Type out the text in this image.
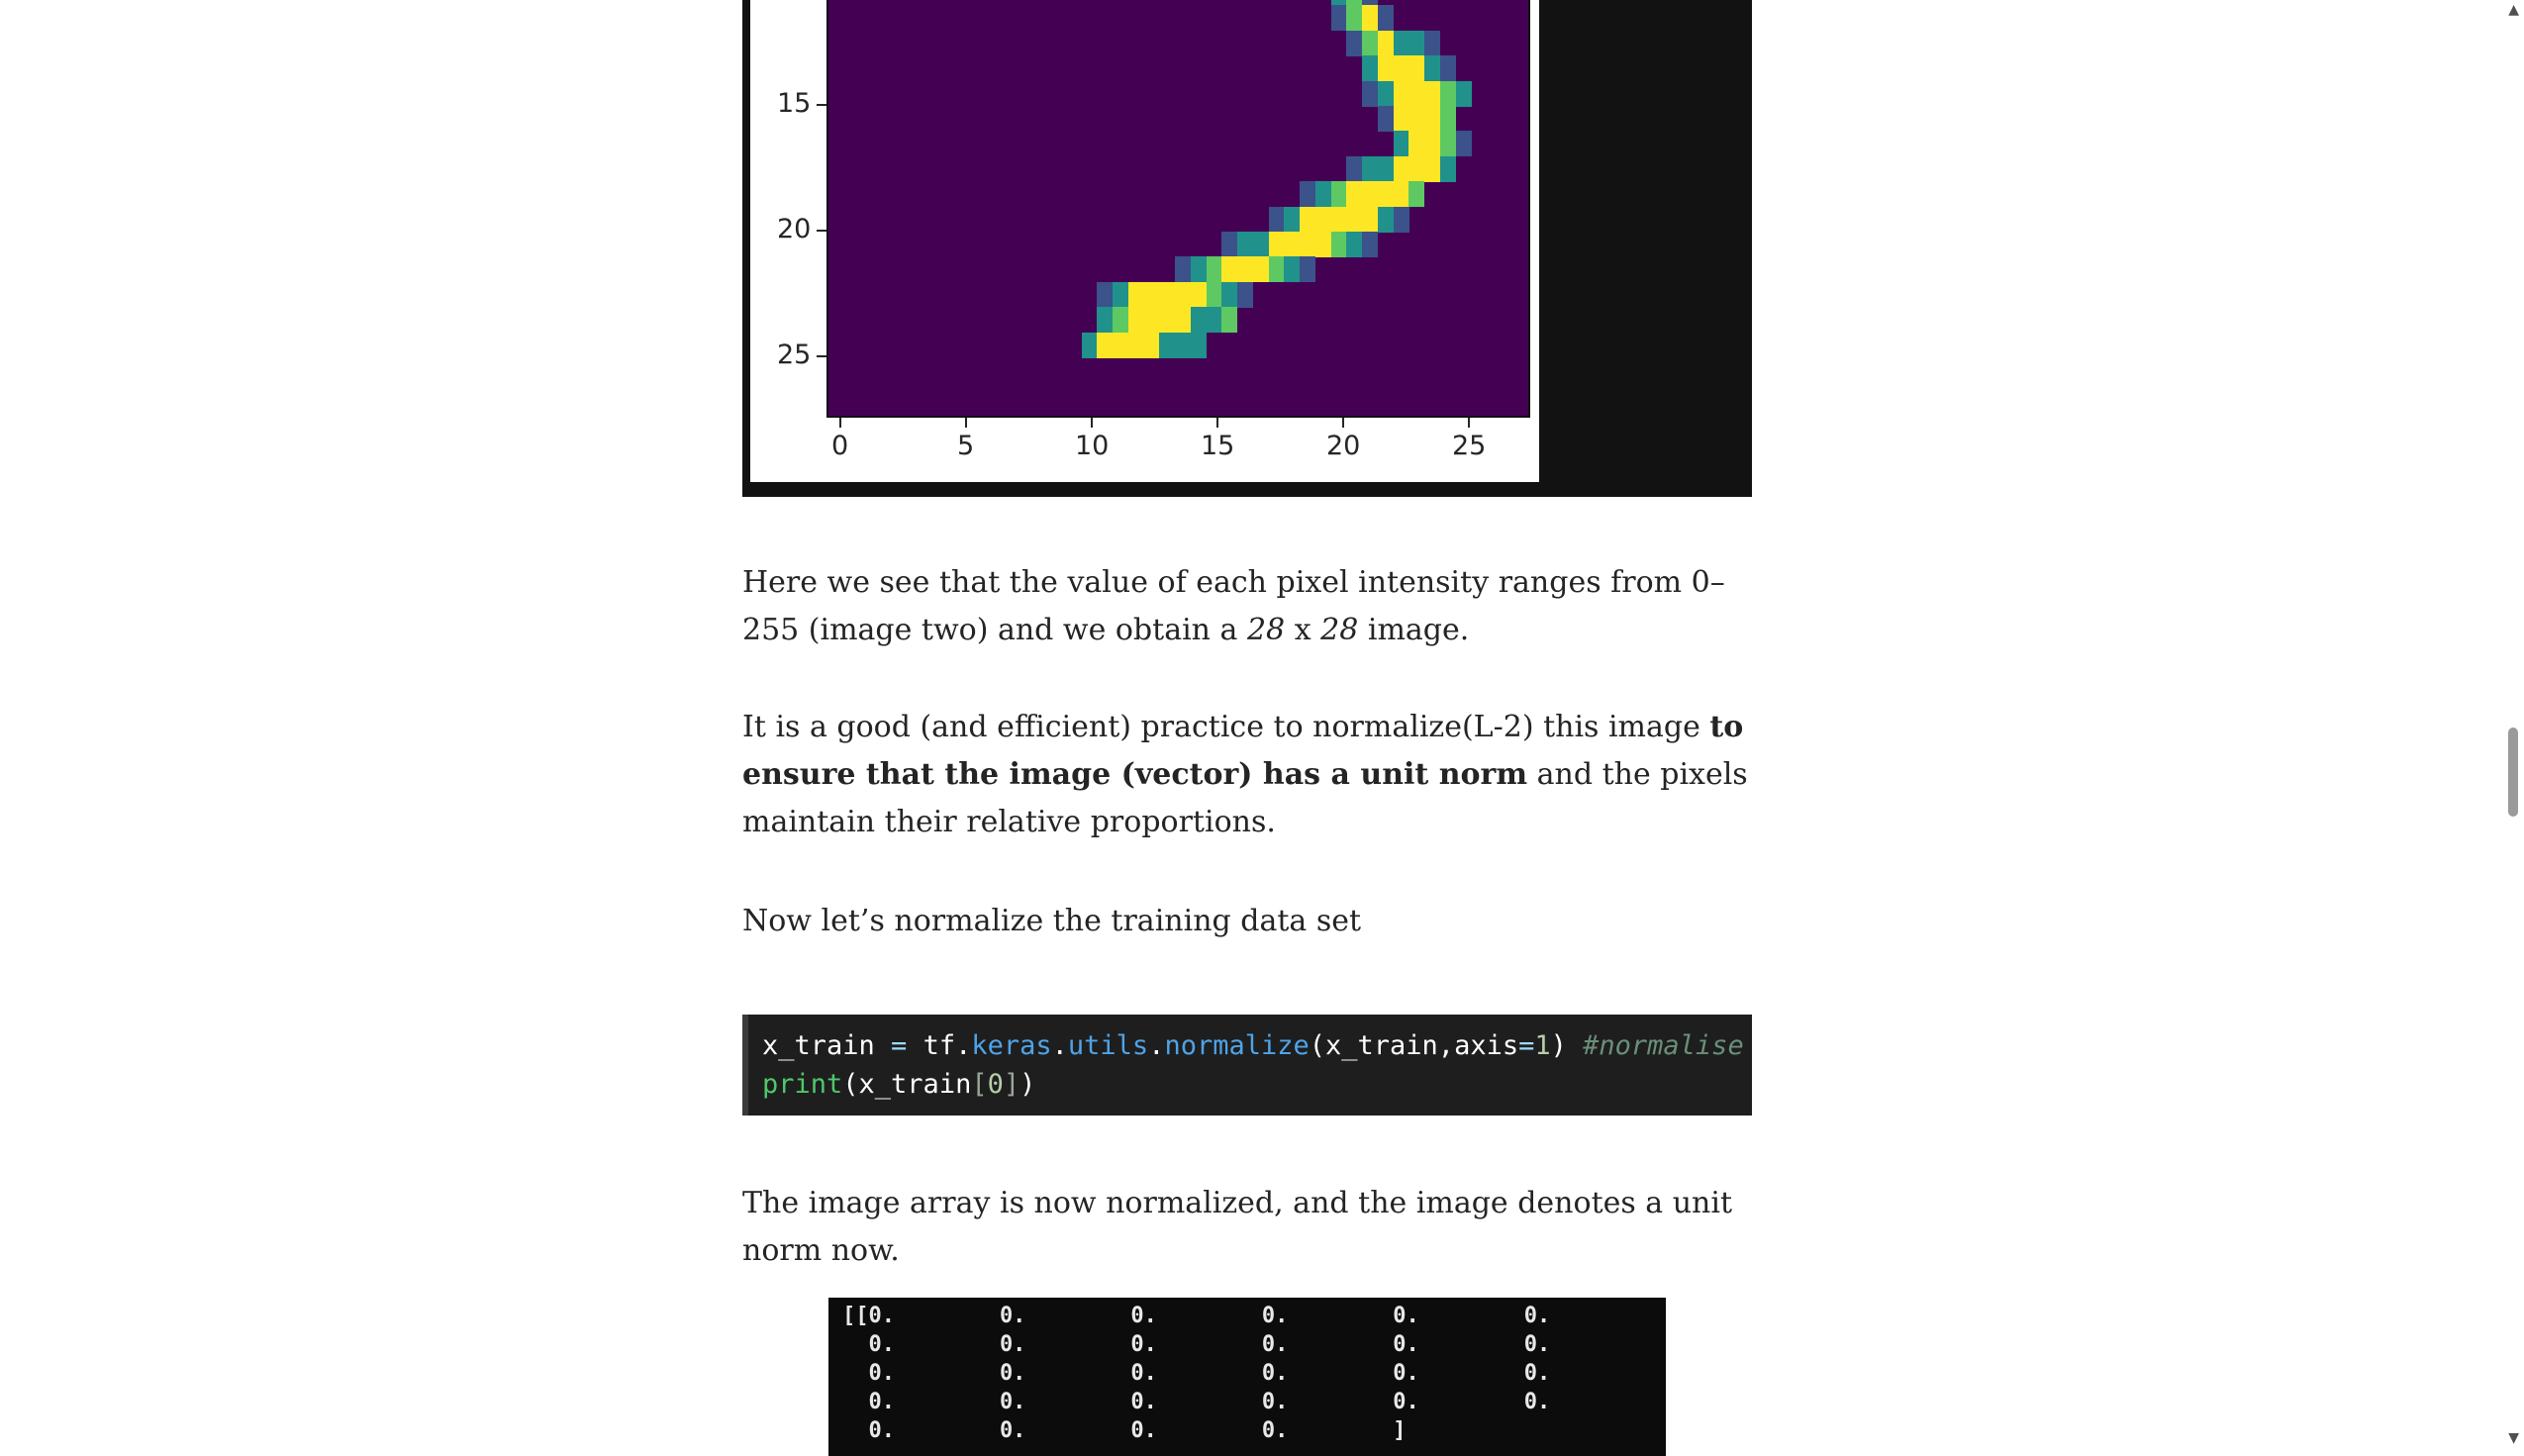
15
20
25
0	5	10	15	20	25
Here we see that the value of each pixel intensity ranges from 0–255 (image two) and we obtain a 28 x 28 image.
It is a good (and efficient) practice to normalize(L-2) this image to ensure that the image (vector) has a unit norm and the pixels maintain their relative proportions.
Now let’s normalize the training data set
x_train = tf.keras.utils.normalize(x_train,axis=1) #normalise
print(x_train[0])
The image array is now normalized, and the image denotes a unit norm now.
[[0.        0.        0.        0.        0.        0.
0.        0.        0.        0.        0.        0.
0.        0.        0.        0.        0.        0.
0.        0.        0.        0.        0.        0.
0.        0.        0.        0.        ]
▲
▼
